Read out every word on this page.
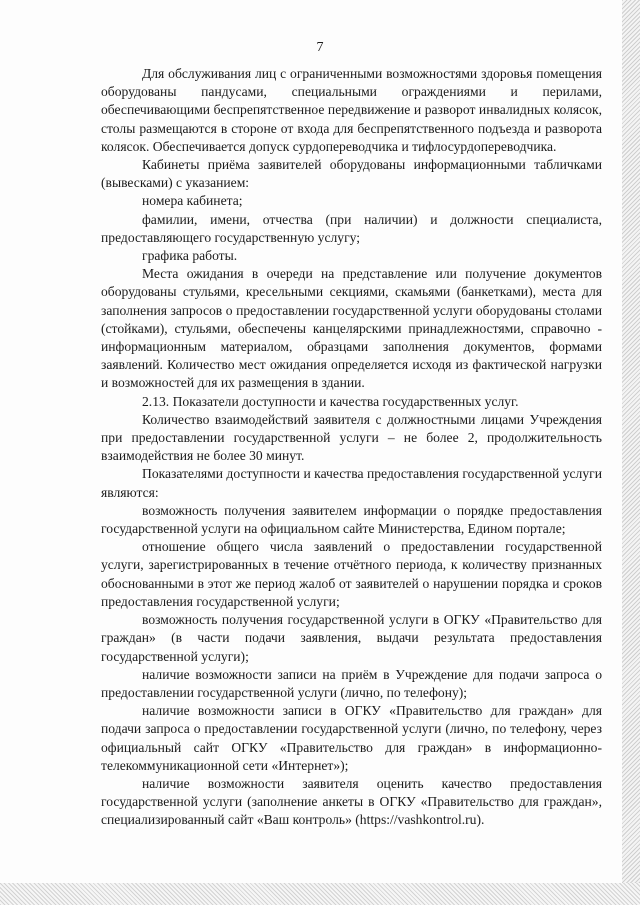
7

Для обслуживания лиц с ограниченными возможностями здоровья помещения оборудованы пандусами, специальными ограждениями и перилами, обеспечивающими беспрепятственное передвижение и разворот инвалидных колясок, столы размещаются в стороне от входа для беспрепятственного подъезда и разворота колясок. Обеспечивается допуск сурдопереводчика и тифлосурдопереводчика.

Кабинеты приёма заявителей оборудованы информационными табличками (вывесками) с указанием:

номера кабинета;

фамилии, имени, отчества (при наличии) и должности специалиста, предоставляющего государственную услугу;

графика работы.

Места ожидания в очереди на представление или получение документов оборудованы стульями, кресельными секциями, скамьями (банкетками), места для заполнения запросов о предоставлении государственной услуги оборудованы столами (стойками), стульями, обеспечены канцелярскими принадлежностями, справочно - информационным материалом, образцами заполнения документов, формами заявлений. Количество мест ожидания определяется исходя из фактической нагрузки и возможностей для их размещения в здании.

2.13. Показатели доступности и качества государственных услуг.

Количество взаимодействий заявителя с должностными лицами Учреждения при предоставлении государственной услуги – не более 2, продолжительность взаимодействия не более 30 минут.

Показателями доступности и качества предоставления государственной услуги являются:

возможность получения заявителем информации о порядке предоставления государственной услуги на официальном сайте Министерства, Едином портале;

отношение общего числа заявлений о предоставлении государственной услуги, зарегистрированных в течение отчётного периода, к количеству признанных обоснованными в этот же период жалоб от заявителей о нарушении порядка и сроков предоставления государственной услуги;

возможность получения государственной услуги в ОГКУ «Правительство для граждан» (в части подачи заявления, выдачи результата предоставления государственной услуги);

наличие возможности записи на приём в Учреждение для подачи запроса о предоставлении государственной услуги (лично, по телефону);

наличие возможности записи в ОГКУ «Правительство для граждан» для подачи запроса о предоставлении государственной услуги (лично, по телефону, через официальный сайт ОГКУ «Правительство для граждан» в информационно-телекоммуникационной сети «Интернет»);

наличие возможности заявителя оценить качество предоставления государственной услуги (заполнение анкеты в ОГКУ «Правительство для граждан», специализированный сайт «Ваш контроль» (https://vashkontrol.ru).
